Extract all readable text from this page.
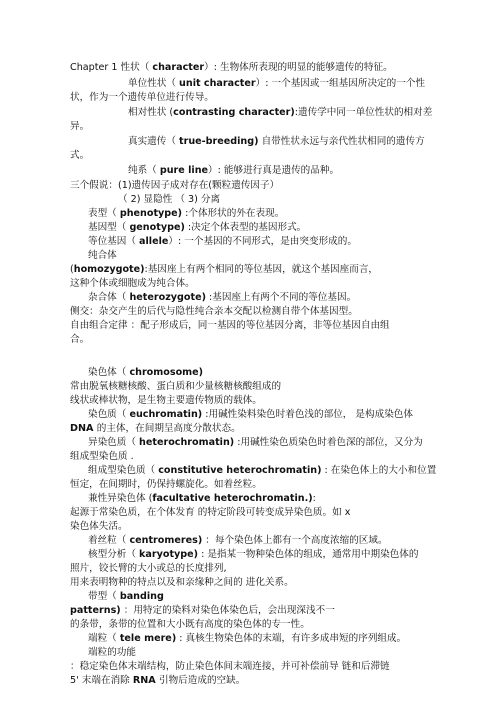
Chapter 1 性状（ character）: 生物体所表现的明显的能够遗传的特征。
单位性状（ unit character）: 一个基因或一组基因所决定的一个性
状，作为一个遗传单位进行传导。
相对性状 (contrasting character):遗传学中同一单位性状的相对差
异。
真实遗传（ true-breeding) 自带性状永远与亲代性状相同的遗传方
式。
纯系（ pure line）: 能够进行真是遗传的品种。
三个假说：(1)遗传因子成对存在(颗粒遗传因子）
（ 2) 显隐性 （ 3) 分离
表型（ phenotype) :个体形状的外在表现。
基因型（ genotype) :决定个体表型的基因形式。
等位基因（ allele）: 一个基因的不同形式，是由突变形成的。
纯合体
(homozygote):基因座上有两个相同的等位基因，就这个基因座而言，
这种个体或细胞成为纯合体。
杂合体（ heterozygote) :基因座上有两个不同的等位基因。
侧交：杂交产生的后代与隐性纯合亲本交配以检测自带个体基因型。
自由组合定律 ：配子形成后，同一基因的等位基因分离，非等位基因自由组
合。
染色体（ chromosome)
常由脱氧核糖核酸、蛋白质和少量核糖核酸组成的
线状或棒状物，是生物主要遗传物质的载体。
染色质（ euchromatin) :用碱性染料染色时着色浅的部位， 是构成染色体
DNA 的主体，在间期呈高度分散状态。
异染色质（ heterochromatin) :用碱性染色质染色时着色深的部位，又分为
组成型染色质 .
组成型染色质（ constitutive heterochromatin) : 在染色体上的大小和位置
恒定，在间期时，仍保持螺旋化。如着丝粒。
兼性异染色体 (facultative heterochromatin.):
起源于常染色质，在个体发育 的特定阶段可转变成异染色质。如 x
染色体失活。
着丝粒（ centromeres) ：每个染色体上都有一个高度浓缩的区域。
核型分析（ karyotype) : 是指某一物种染色体的组成，通常用中期染色体的
照片，铰长臂的大小或总的长度排列,
用来表明物种的特点以及和亲缘种之间的 进化关系。
带型（ banding
patterns) ：用特定的染料对染色体染色后，会出现深浅不一
的条带，条带的位置和大小既有高度的染色体的专一性。
端粒（ tele mere) : 真核生物染色体的末端，有许多成串短的序列组成。
端粒的功能
：稳定染色体末端结构，防止染色体间末端连接，并可补偿前导 链和后滞链
5' 末端在消除 RNA 引物后造成的空缺。
